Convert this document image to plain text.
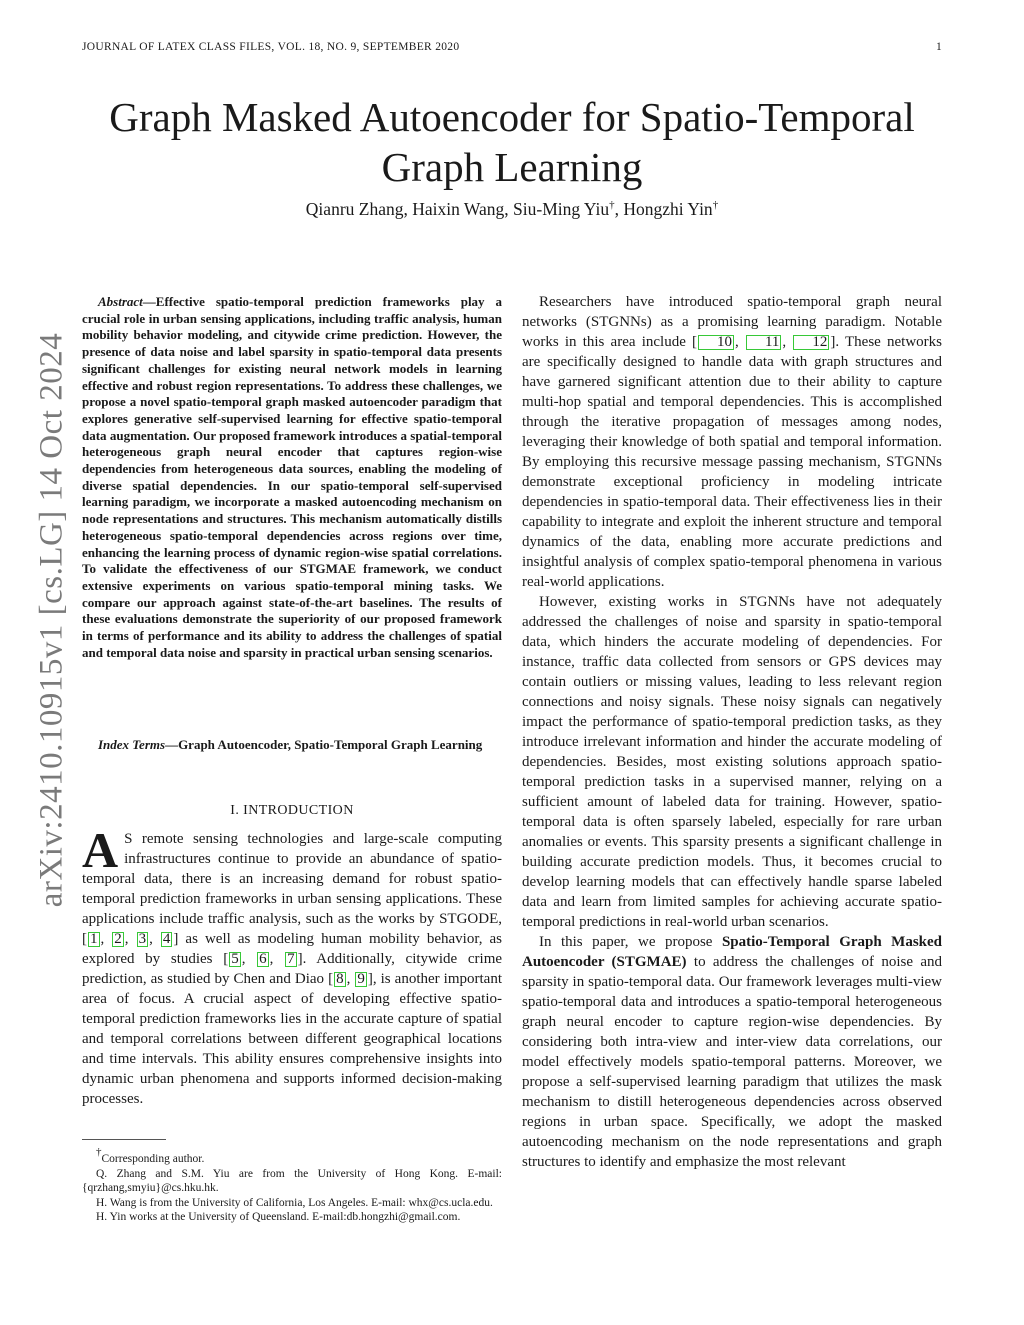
JOURNAL OF LATEX CLASS FILES, VOL. 18, NO. 9, SEPTEMBER 2020	1
Graph Masked Autoencoder for Spatio-Temporal Graph Learning
Qianru Zhang, Haixin Wang, Siu-Ming Yiu†, Hongzhi Yin†
arXiv:2410.10915v1 [cs.LG] 14 Oct 2024
Abstract—Effective spatio-temporal prediction frameworks play a crucial role in urban sensing applications, including traffic analysis, human mobility behavior modeling, and citywide crime prediction. However, the presence of data noise and label sparsity in spatio-temporal data presents significant challenges for existing neural network models in learning effective and robust region representations. To address these challenges, we propose a novel spatio-temporal graph masked autoencoder paradigm that explores generative self-supervised learning for effective spatio-temporal data augmentation. Our proposed framework introduces a spatial-temporal heterogeneous graph neural encoder that captures region-wise dependencies from heterogeneous data sources, enabling the modeling of diverse spatial dependencies. In our spatio-temporal self-supervised learning paradigm, we incorporate a masked autoencoding mechanism on node representations and structures. This mechanism automatically distills heterogeneous spatio-temporal dependencies across regions over time, enhancing the learning process of dynamic region-wise spatial correlations. To validate the effectiveness of our STGMAE framework, we conduct extensive experiments on various spatio-temporal mining tasks. We compare our approach against state-of-the-art baselines. The results of these evaluations demonstrate the superiority of our proposed framework in terms of performance and its ability to address the challenges of spatial and temporal data noise and sparsity in practical urban sensing scenarios.
Index Terms—Graph Autoencoder, Spatio-Temporal Graph Learning
I. INTRODUCTION
A S remote sensing technologies and large-scale computing infrastructures continue to provide an abundance of spatio-temporal data, there is an increasing demand for robust spatio-temporal prediction frameworks in urban sensing applications. These applications include traffic analysis, such as the works by STGODE, [ 1 , 2 , 3 , 4 ] as well as modeling human mobility behavior, as explored by studies [ 5 , 6 , 7 ]. Additionally, citywide crime prediction, as studied by Chen and Diao [ 8 , 9 ], is another important area of focus. A crucial aspect of developing effective spatio-temporal prediction frameworks lies in the accurate capture of spatial and temporal correlations between different geographical locations and time intervals. This ability ensures comprehensive insights into dynamic urban phenomena and supports informed decision-making processes.

†Corresponding author.

Q. Zhang and S.M. Yiu are from the University of Hong Kong. E-mail: {qrzhang,smyiu}@cs.hku.hk.

H. Wang is from the University of California, Los Angeles. E-mail: whx@cs.ucla.edu.

H. Yin works at the University of Queensland. E-mail:db.hongzhi@gmail.com.

Researchers have introduced spatio-temporal graph neural networks (STGNNs) as a promising learning paradigm. Notable works in this area include [ 10 , 11 , 12 ]. These networks are specifically designed to handle data with graph structures and have garnered significant attention due to their ability to capture multi-hop spatial and temporal dependencies. This is accomplished through the iterative propagation of messages among nodes, leveraging their knowledge of both spatial and temporal information. By employing this recursive message passing mechanism, STGNNs demonstrate exceptional proficiency in modeling intricate dependencies in spatio-temporal data. Their effectiveness lies in their capability to integrate and exploit the inherent structure and temporal dynamics of the data, enabling more accurate predictions and insightful analysis of complex spatio-temporal phenomena in various real-world applications.

However, existing works in STGNNs have not adequately addressed the challenges of noise and sparsity in spatio-temporal data, which hinders the accurate modeling of dependencies. For instance, traffic data collected from sensors or GPS devices may contain outliers or missing values, leading to less relevant region connections and noisy signals. These noisy signals can negatively impact the performance of spatio-temporal prediction tasks, as they introduce irrelevant information and hinder the accurate modeling of dependencies. Besides, most existing solutions approach spatio-temporal prediction tasks in a supervised manner, relying on a sufficient amount of labeled data for training. However, spatio-temporal data is often sparsely labeled, especially for rare urban anomalies or events. This sparsity presents a significant challenge in building accurate prediction models. Thus, it becomes crucial to develop learning models that can effectively handle sparse labeled data and learn from limited samples for achieving accurate spatio-temporal predictions in real-world urban scenarios.

In this paper, we propose Spatio-Temporal Graph Masked Autoencoder (STGMAE) to address the challenges of noise and sparsity in spatio-temporal data. Our framework leverages multi-view spatio-temporal data and introduces a spatio-temporal heterogeneous graph neural encoder to capture region-wise dependencies. By considering both intra-view and inter-view data correlations, our model effectively models spatio-temporal patterns. Moreover, we propose a self-supervised learning paradigm that utilizes the mask mechanism to distill heterogeneous dependencies across observed regions in urban space. Specifically, we adopt the masked autoencoding mechanism on the node representations and graph structures to identify and emphasize the most relevant
